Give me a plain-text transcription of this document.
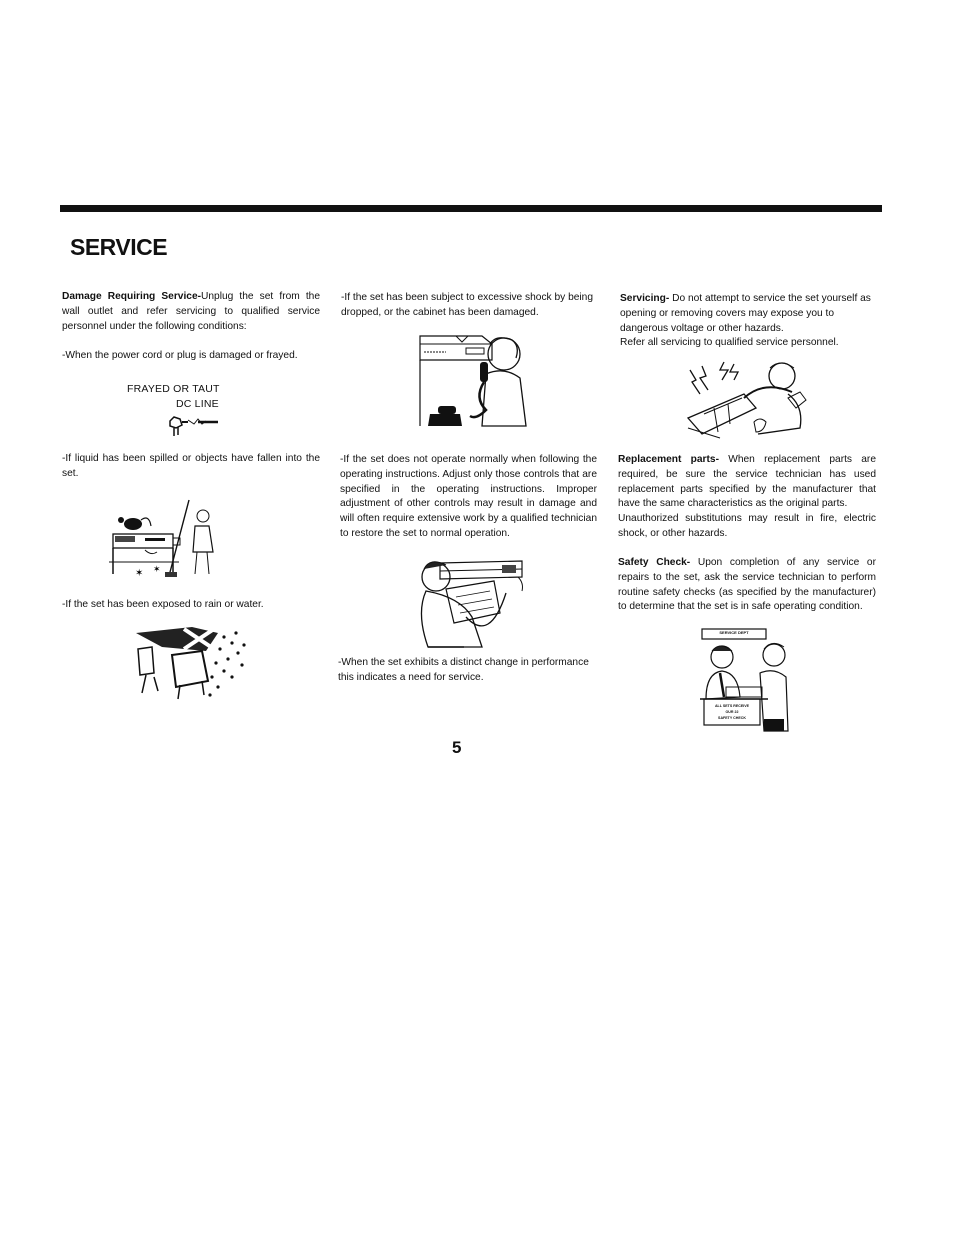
SERVICE

Damage Requiring Service-Unplug the set from the wall outlet and refer servicing to qualified service personnel under the following conditions:

-When the power cord or plug is damaged or frayed.
FRAYED OR TAUT
DC LINE
-If liquid has been spilled or objects have fallen into the set.
✶ ✶
-If the set has been exposed to rain or water.
-If the set has been subject to excessive shock by being dropped, or the cabinet has been damaged.
-If the set does not operate normally when following the operating instructions. Adjust only those controls that are specified in the operating instructions. Improper adjustment of other controls may result in damage and will often require extensive work by a qualified technician to restore the set to normal operation.
-When the set exhibits a distinct change in performance this indicates a need for service.

Servicing- Do not attempt to service the set yourself as opening or removing covers may expose you to dangerous voltage or other hazards.

Refer all servicing to qualified service personnel.

Replacement parts- When replacement parts are required, be sure the service technician has used replacement parts specified by the manufacturer that have the same characteristics as the original parts.

Unauthorized substitutions may result in fire, electric shock, or other hazards.

Safety Check- Upon completion of any service or repairs to the set, ask the service technician to perform routine safety checks (as specified by the manufacturer) to determine that the set is in safe operating condition.

SERVICE DEPT
ALL SETS RECEIVE
OUR 22
SAFETY CHECK
5
